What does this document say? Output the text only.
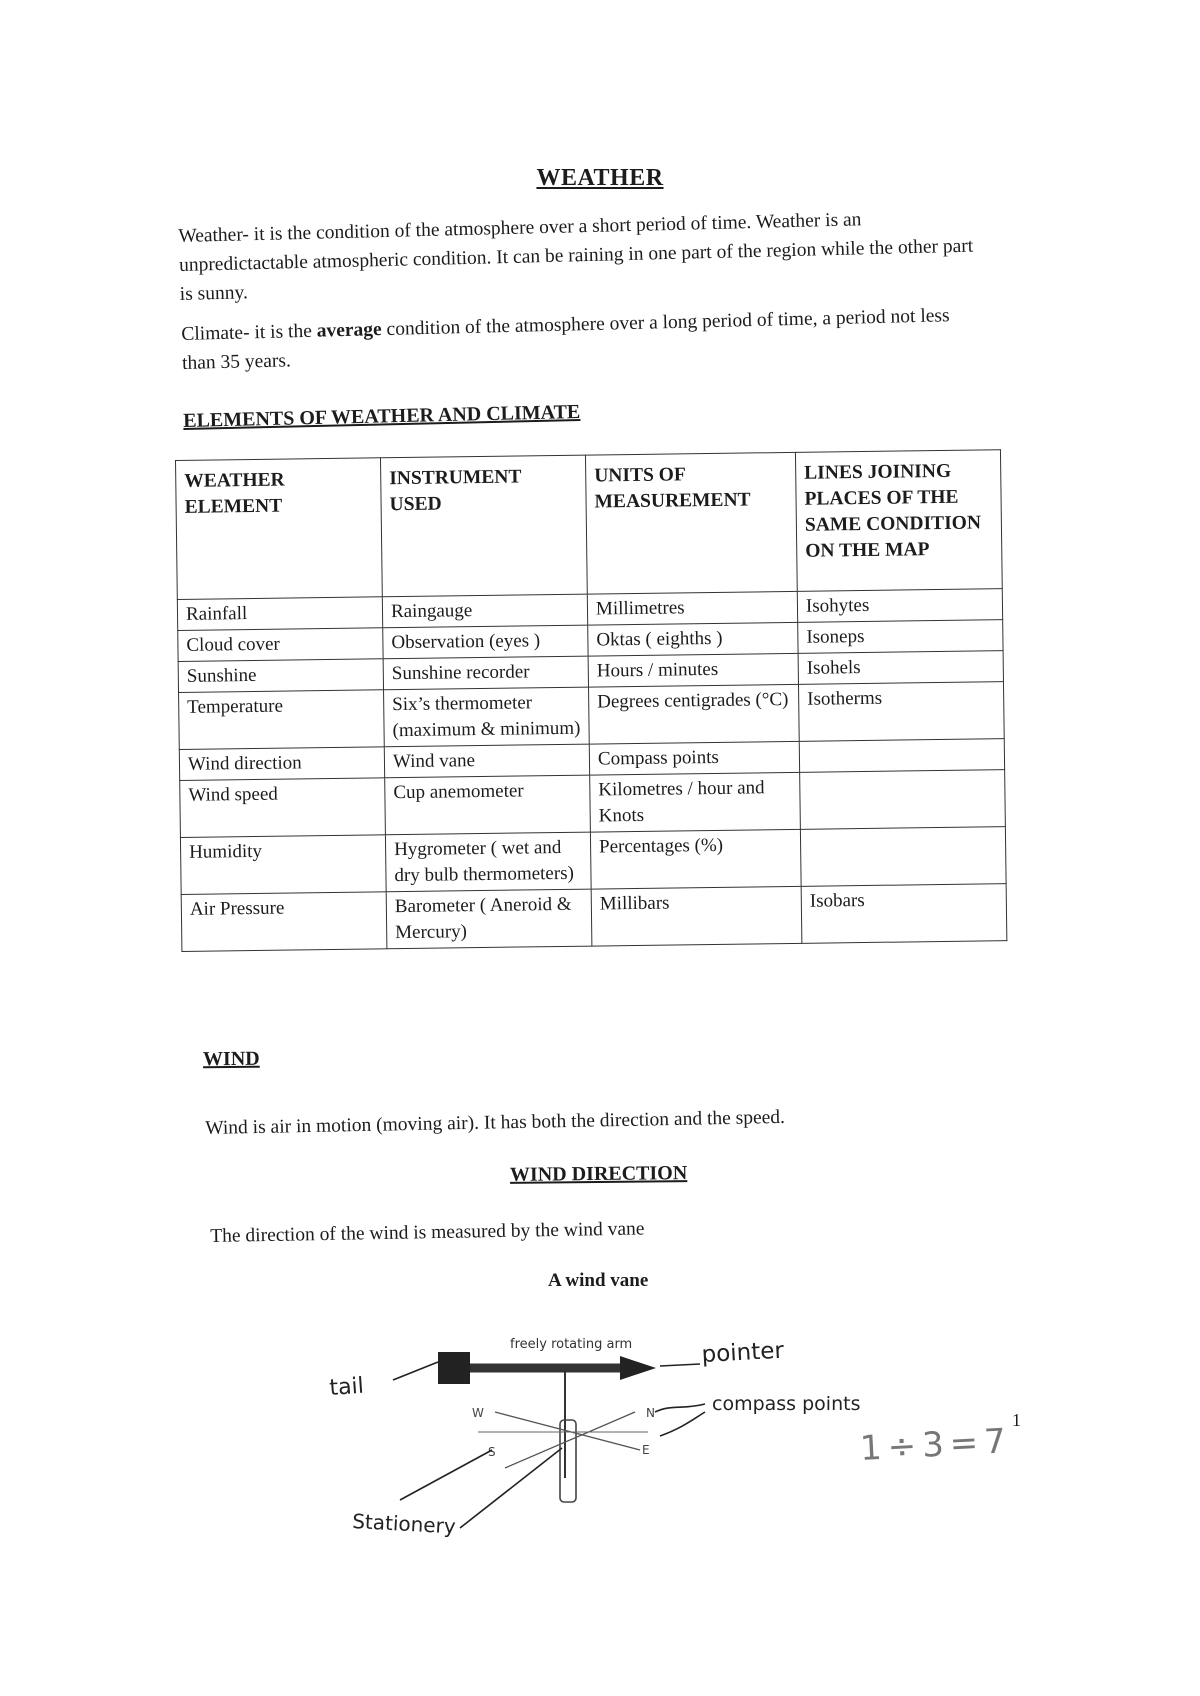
WEATHER

Weather- it is the condition of the atmosphere over a short period of time. Weather is an unpredictactable atmospheric condition. It can be raining in one part of the region while the other part is sunny.

Climate- it is the average condition of the atmosphere over a long period of time, a period not less than 35 years.

ELEMENTS OF WEATHER AND CLIMATE
WEATHER ELEMENT	INSTRUMENT USED	UNITS OF MEASUREMENT	LINES JOINING PLACES OF THE SAME CONDITION ON THE MAP
Rainfall	Raingauge	Millimetres	Isohytes
Cloud cover	Observation (eyes )	Oktas ( eighths )	Isoneps
Sunshine	Sunshine recorder	Hours / minutes	Isohels
Temperature	Six’s thermometer (maximum & minimum)	Degrees centigrades (°C)	Isotherms
Wind direction	Wind vane	Compass points	
Wind speed	Cup anemometer	Kilometres / hour and Knots	
Humidity	Hygrometer ( wet and dry bulb thermometers)	Percentages (%)	
Air Pressure	Barometer ( Aneroid & Mercury)	Millibars	Isobars
WIND

Wind is air in motion (moving air). It has both the direction and the speed.

WIND DIRECTION

The direction of the wind is measured by the wind vane

A wind vane
W	N
S	E
freely rotating arm
tail
pointer
compass points
Stationery
1
1÷3=7
